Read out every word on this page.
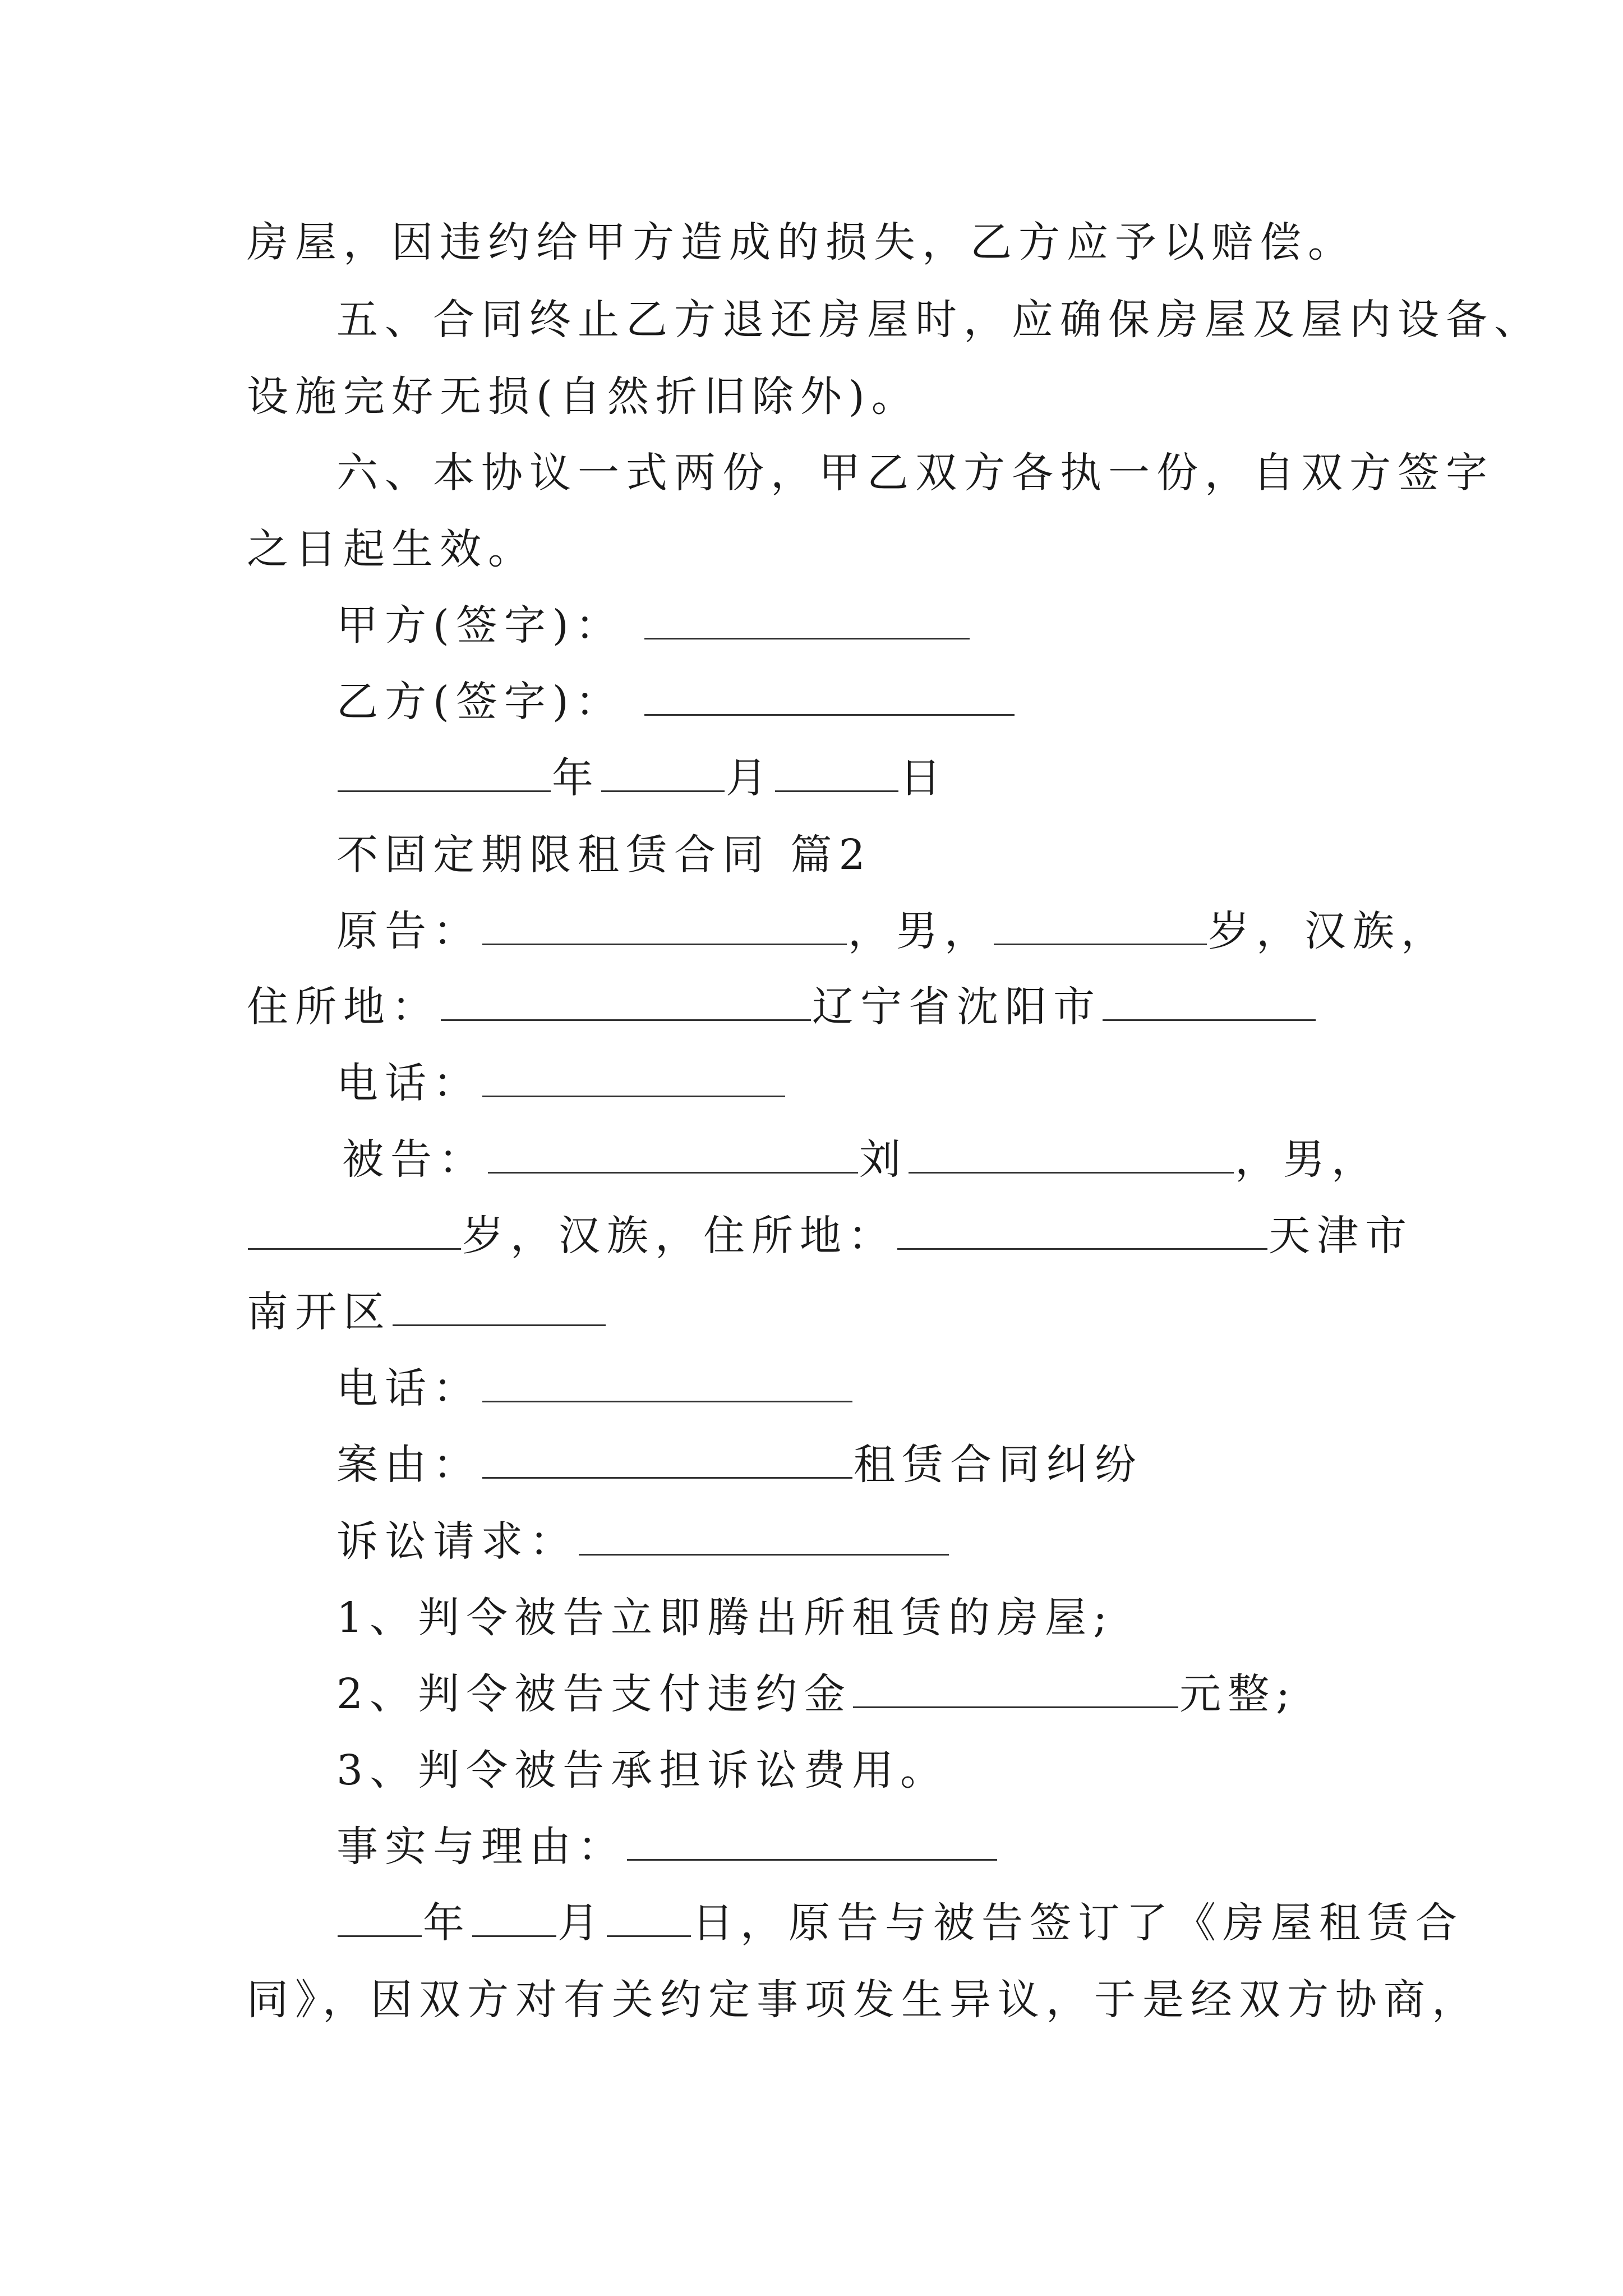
房屋，因违约给甲方造成的损失，乙方应予以赔偿。
五、合同终止乙方退还房屋时，应确保房屋及屋内设备、
设施完好无损(自然折旧除外)。
六、本协议一式两份，甲乙双方各执一份，自双方签字
之日起生效。
甲方(签字)：
乙方(签字)：
年	月	日
不固定期限租赁合同 篇2
原告：	，男，	岁，汉族，
住所地：	辽宁省沈阳市
电话：
被告：	刘	，男，
岁，汉族，住所地：	天津市
南开区
电话：
案由：	租赁合同纠纷
诉讼请求：
1、判令被告立即腾出所租赁的房屋;
2、判令被告支付违约金	元整;
3、判令被告承担诉讼费用。
事实与理由：
年 月 日，原告与被告签订了《房屋租赁合
同》，因双方对有关约定事项发生异议，于是经双方协商，
